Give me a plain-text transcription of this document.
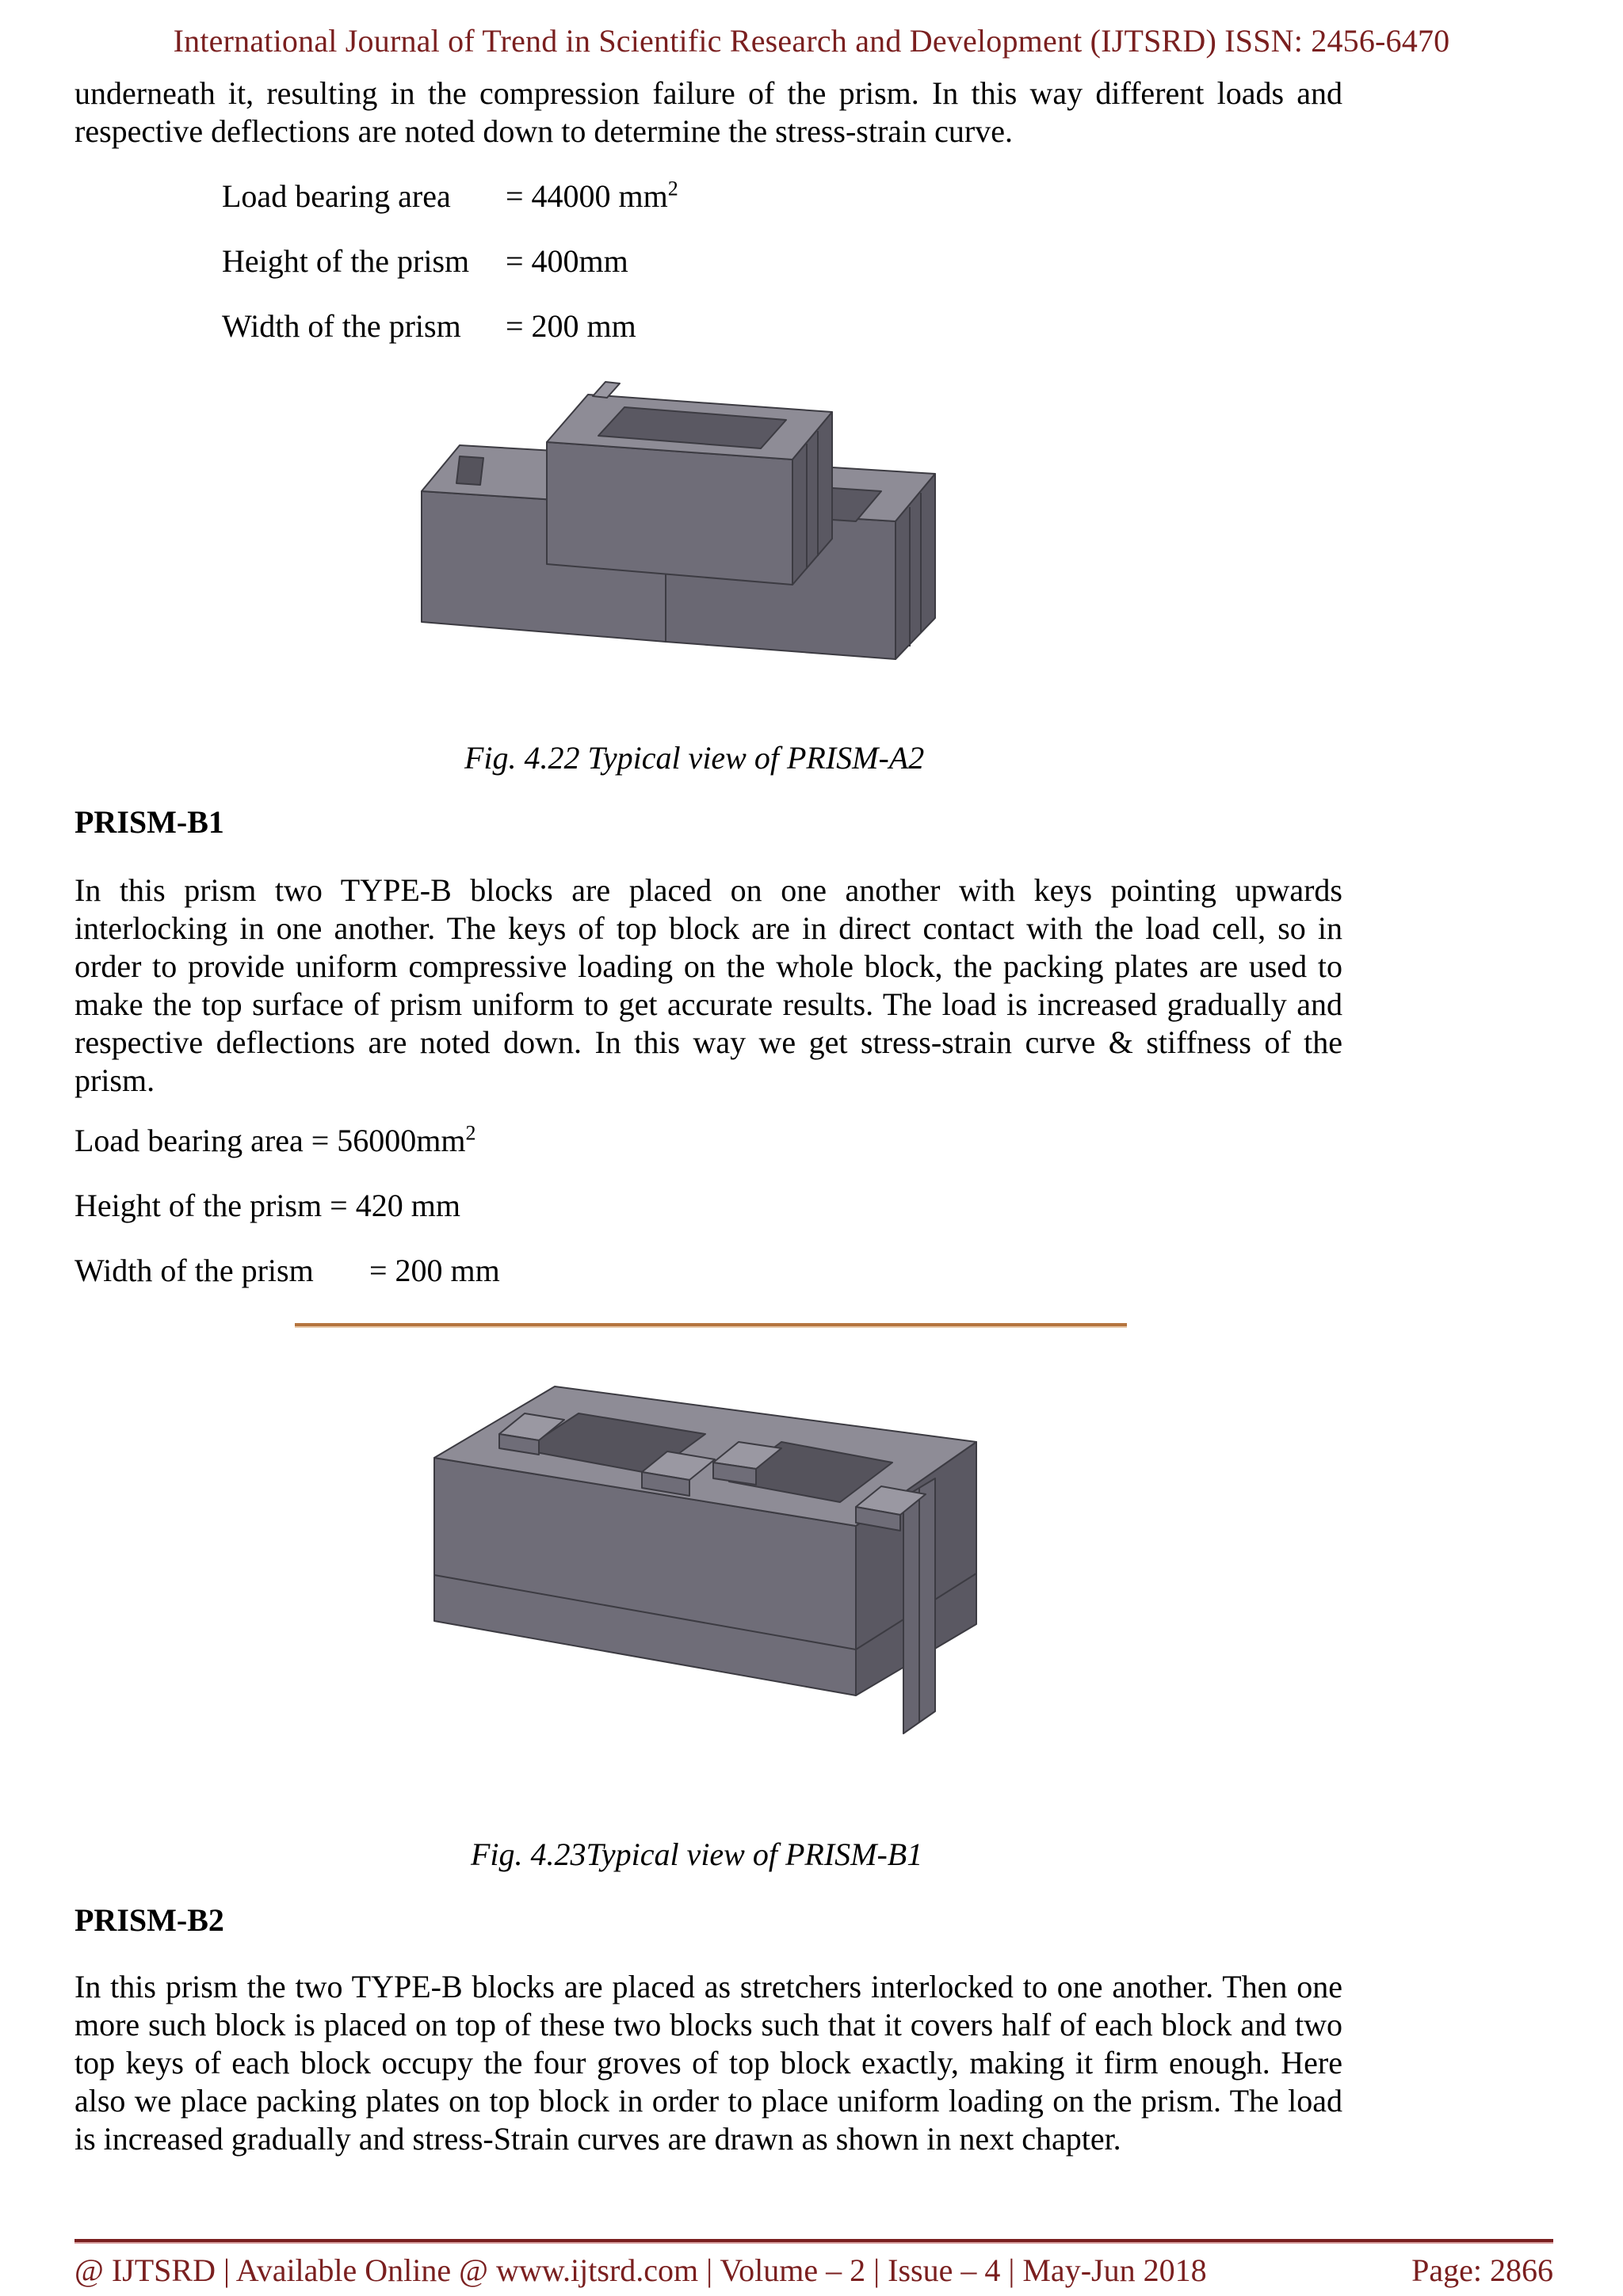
International Journal of Trend in Scientific Research and Development (IJTSRD) ISSN: 2456-6470
underneath it, resulting in the compression failure of the prism. In this way different loads and respective deflections are noted down to determine the stress-strain curve.
Load bearing area = 44000 $mm^2$
Height of the prism = 400mm
Width of the prism = 200 mm
Fig. 4.22 Typical view of PRISM-A2
PRISM-B1
In this prism two TYPE-B blocks are placed on one another with keys pointing upwards interlocking in one another. The keys of top block are in direct contact with the load cell, so in order to provide uniform compressive loading on the whole block, the packing plates are used to make the top surface of prism uniform to get accurate results. The load is increased gradually and respective deflections are noted down. In this way we get stress-strain curve & stiffness of the prism.
Load bearing area = $56000mm^2$
Height of the prism = 420 mm
Width of the prism = 200 mm
Fig. 4.23Typical view of PRISM-B1
PRISM-B2
In this prism the two TYPE-B blocks are placed as stretchers interlocked to one another. Then one more such block is placed on top of these two blocks such that it covers half of each block and two top keys of each block occupy the four groves of top block exactly, making it firm enough. Here also we place packing plates on top block in order to place uniform loading on the prism. The load is increased gradually and stress-Strain curves are drawn as shown in next chapter.
@ IJTSRD | Available Online @ www.ijtsrd.com | Volume – 2 | Issue – 4 | May-Jun 2018	Page: 2866
